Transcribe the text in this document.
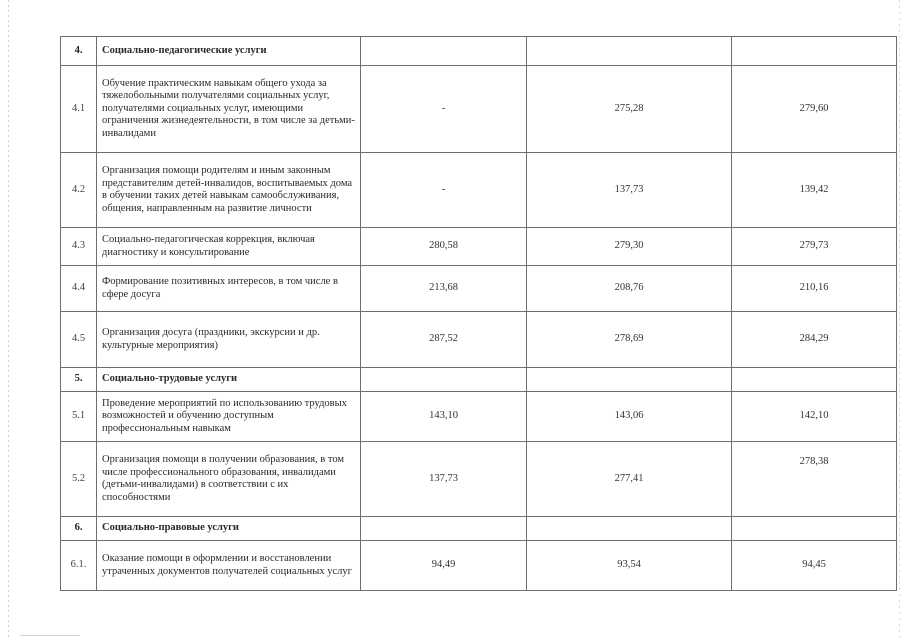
4.	Социально-педагогические услуги			
4.1	Обучение практическим навыкам общего ухода за тяжелобольными получателями социальных услуг, получателями социальных услуг, имеющими ограничения жизнедеятельности, в том числе за детьми-инвалидами	-	275,28	279,60
4.2	Организация помощи родителям и иным законным представителям детей-инвалидов, воспитываемых дома в обучении таких детей навыкам самообслуживания, общения, направленным на развитие личности	-	137,73	139,42
4.3	Социально-педагогическая коррекция, включая диагностику и консультирование	280,58	279,30	279,73
4.4	Формирование позитивных интересов, в том числе в сфере досуга	213,68	208,76	210,16
4.5	Организация досуга (праздники, экскурсии и др. культурные мероприятия)	287,52	278,69	284,29
5.	Социально-трудовые услуги			
5.1	Проведение мероприятий по использованию трудовых возможностей и обучению доступным профессиональным навыкам	143,10	143,06	142,10
5.2	Организация помощи в получении образования, в том числе профессионального образования, инвалидами (детьми-инвалидами) в соответствии с их способностями	137,73	277,41	278,38
6.	Социально-правовые услуги			
6.1.	Оказание помощи в оформлении и восстановлении утраченных документов получателей социальных услуг	94,49	93,54	94,45
